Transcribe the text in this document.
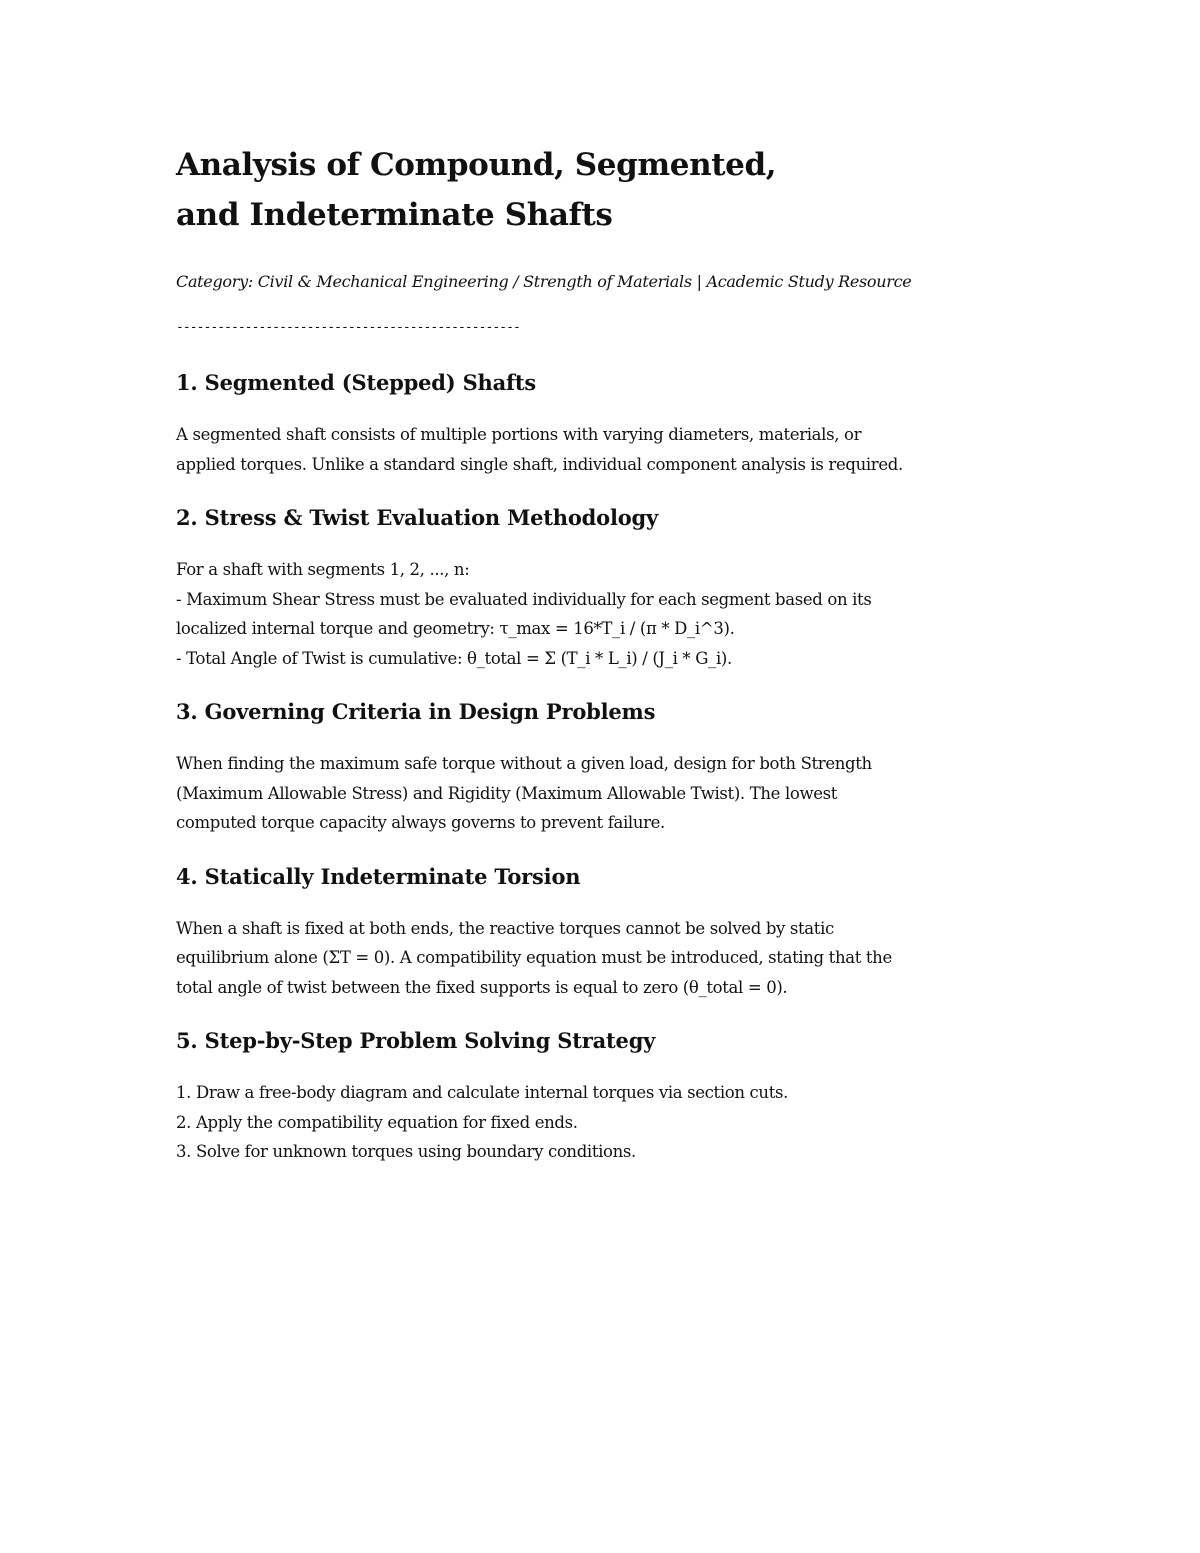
Analysis of Compound, Segmented, and Indeterminate Shafts
Category: Civil & Mechanical Engineering / Strength of Materials | Academic Study Resource
--------------------------------------------------
1. Segmented (Stepped) Shafts

A segmented shaft consists of multiple portions with varying diameters, materials, or
applied torques. Unlike a standard single shaft, individual component analysis is required.

2. Stress & Twist Evaluation Methodology

For a shaft with segments 1, 2, ..., n:
- Maximum Shear Stress must be evaluated individually for each segment based on its
localized internal torque and geometry: τ_max = 16*T_i / (π * D_i^3).
- Total Angle of Twist is cumulative: θ_total = Σ (T_i * L_i) / (J_i * G_i).

3. Governing Criteria in Design Problems

When finding the maximum safe torque without a given load, design for both Strength
(Maximum Allowable Stress) and Rigidity (Maximum Allowable Twist). The lowest
computed torque capacity always governs to prevent failure.

4. Statically Indeterminate Torsion

When a shaft is fixed at both ends, the reactive torques cannot be solved by static
equilibrium alone (ΣT = 0). A compatibility equation must be introduced, stating that the
total angle of twist between the fixed supports is equal to zero (θ_total = 0).

5. Step-by-Step Problem Solving Strategy
1. Draw a free-body diagram and calculate internal torques via section cuts.
2. Apply the compatibility equation for fixed ends.
3. Solve for unknown torques using boundary conditions.
